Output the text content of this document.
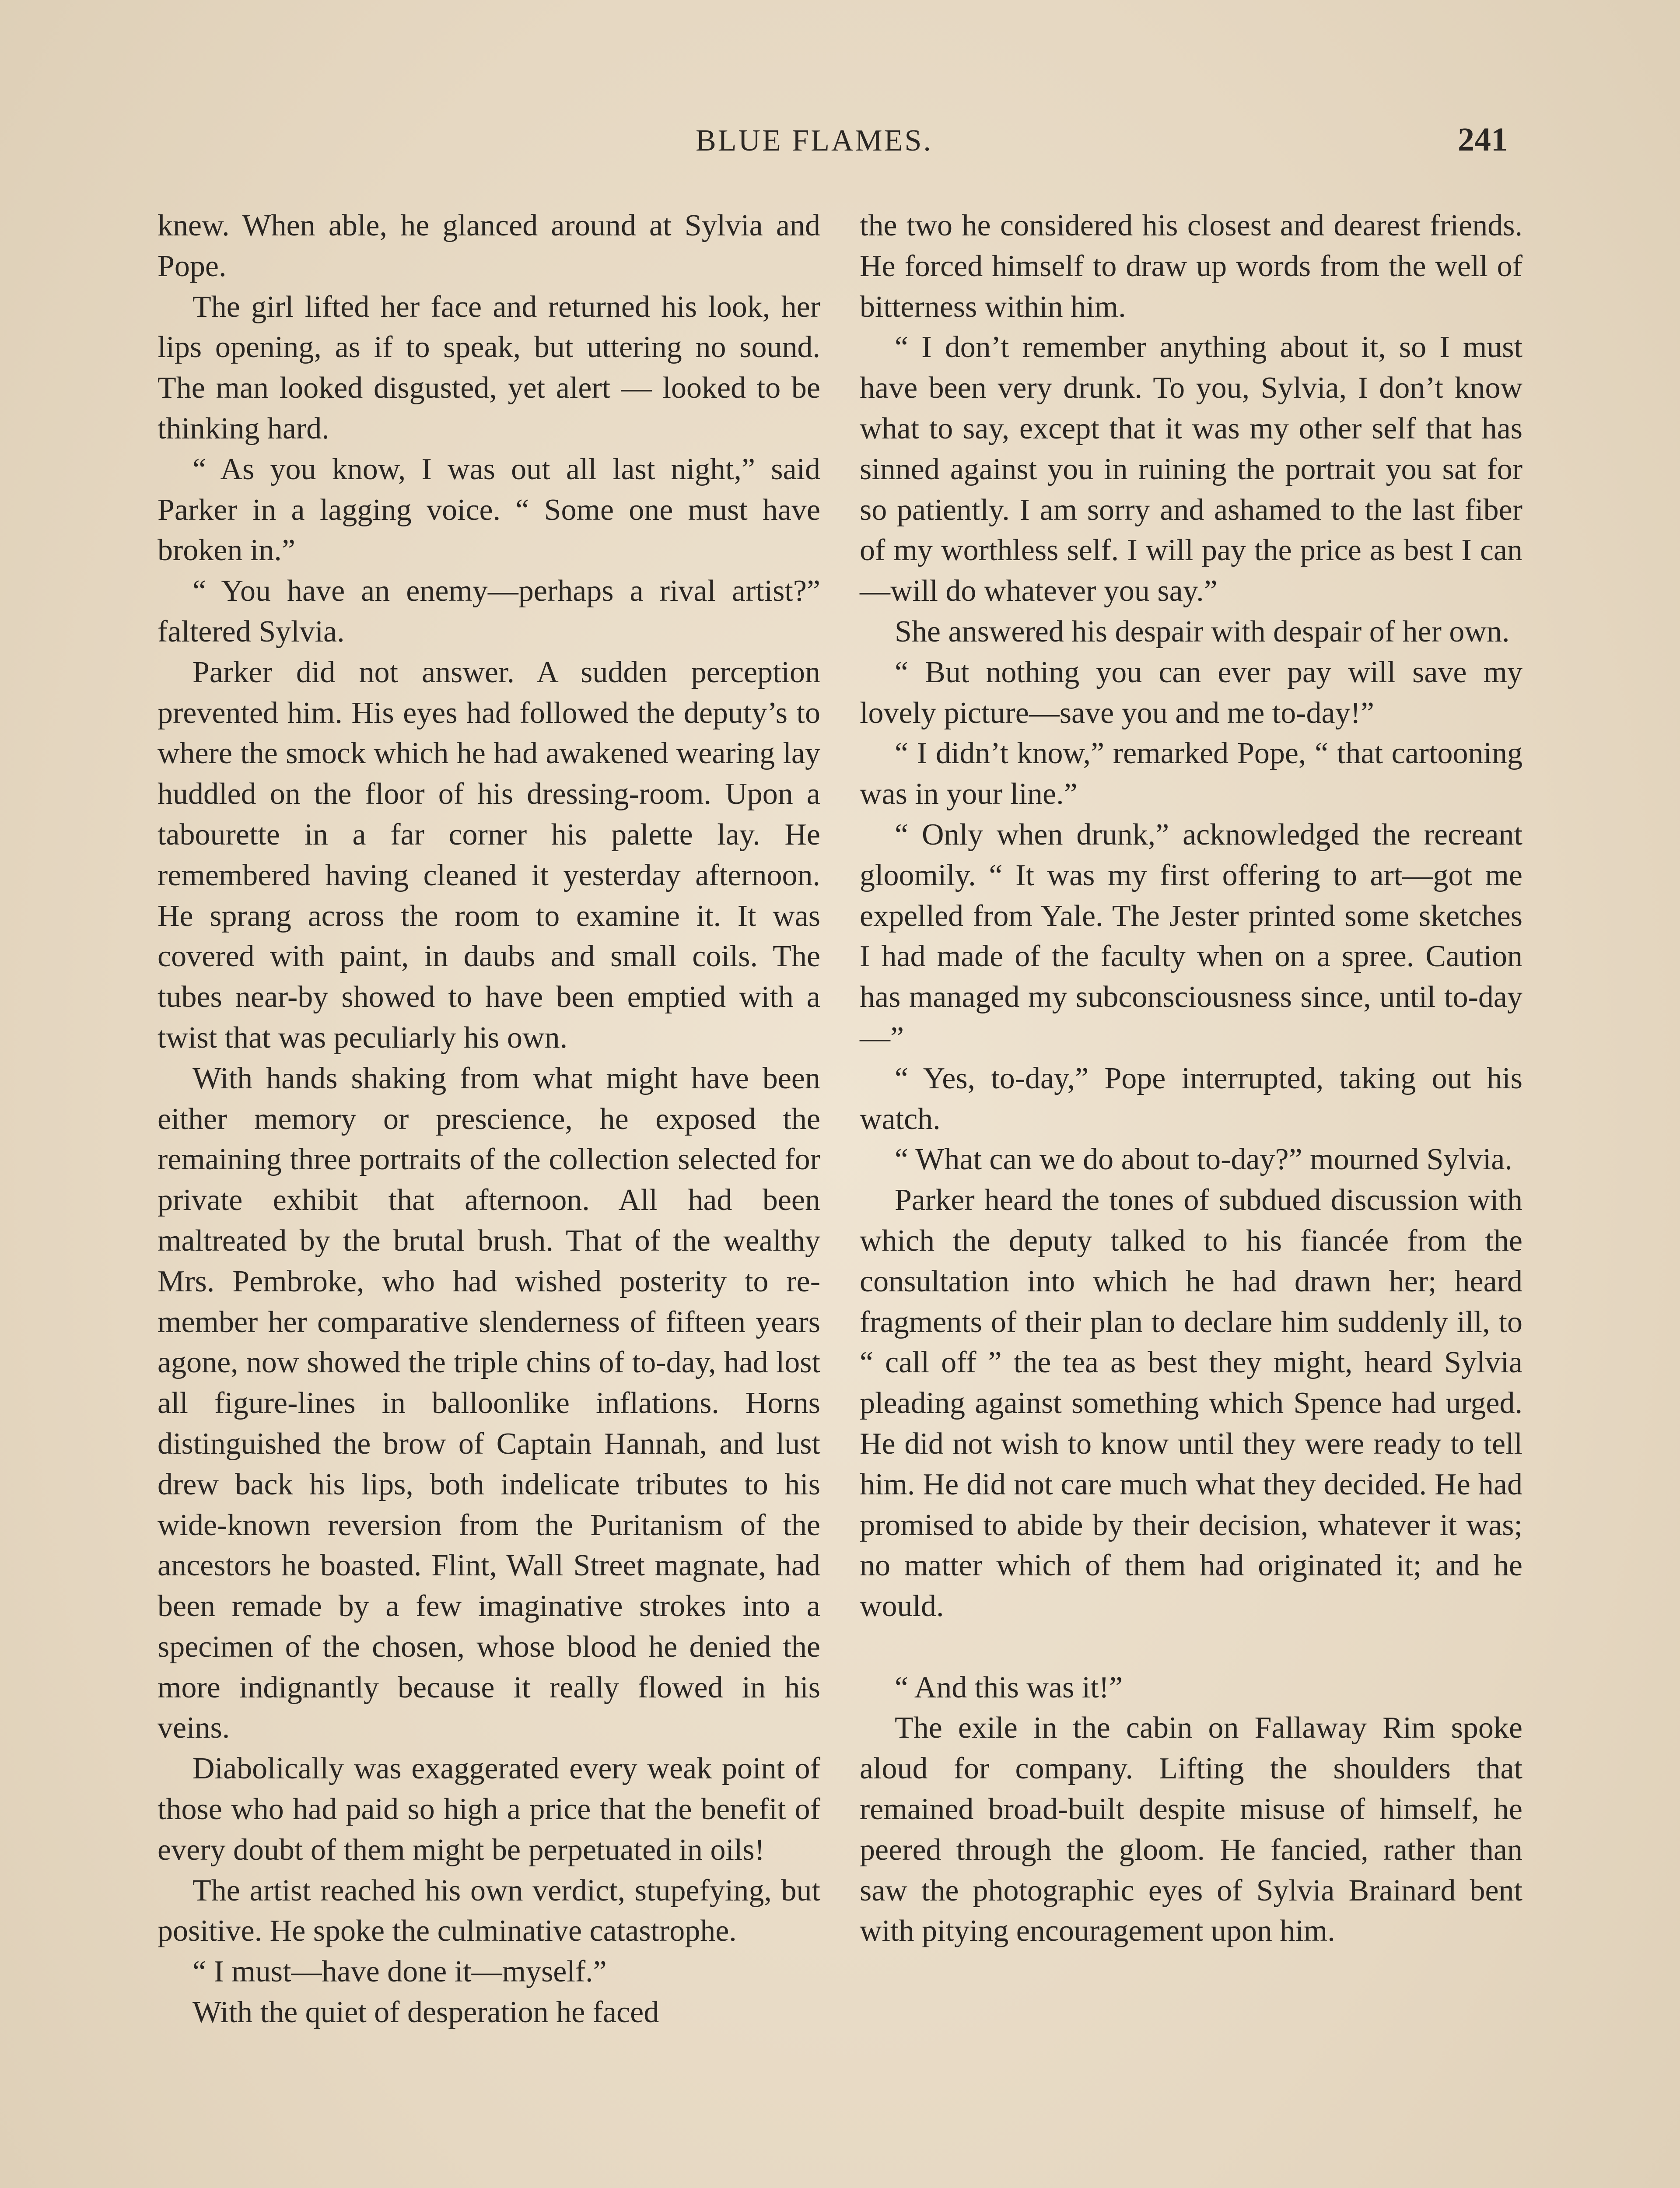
BLUE FLAMES.	241

knew. When able, he glanced around at Sylvia and Pope.

The girl lifted her face and returned his look, her lips opening, as if to speak, but uttering no sound. The man looked disgusted, yet alert — looked to be thinking hard.

“ As you know, I was out all last night,” said Parker in a lagging voice. “ Some one must have broken in.”

“ You have an enemy—perhaps a rival artist?” faltered Sylvia.

Parker did not answer. A sudden perception prevented him. His eyes had followed the deputy’s to where the smock which he had awakened wearing lay huddled on the floor of his dressing-room. Upon a tabourette in a far corner his palette lay. He remembered having cleaned it yesterday afternoon. He sprang across the room to examine it. It was covered with paint, in daubs and small coils. The tubes near-by showed to have been emptied with a twist that was peculiarly his own.

With hands shaking from what might have been either memory or prescience, he exposed the remaining three portraits of the collection selected for private exhibit that afternoon. All had been maltreated by the brutal brush. That of the wealthy Mrs. Pembroke, who had wished posterity to remember her comparative slenderness of fifteen years agone, now showed the triple chins of to-day, had lost all figure-lines in balloonlike inflations. Horns distinguished the brow of Captain Hannah, and lust drew back his lips, both indelicate tributes to his wide-known reversion from the Puritanism of the ancestors he boasted. Flint, Wall Street magnate, had been remade by a few imaginative strokes into a specimen of the chosen, whose blood he denied the more indignantly because it really flowed in his veins.

Diabolically was exaggerated every weak point of those who had paid so high a price that the benefit of every doubt of them might be perpetuated in oils!

The artist reached his own verdict, stupefying, but positive. He spoke the culminative catastrophe.

“ I must—have done it—myself.”

With the quiet of desperation he faced

the two he considered his closest and dearest friends. He forced himself to draw up words from the well of bitterness within him.

“ I don’t remember anything about it, so I must have been very drunk. To you, Sylvia, I don’t know what to say, except that it was my other self that has sinned against you in ruining the portrait you sat for so patiently. I am sorry and ashamed to the last fiber of my worthless self. I will pay the price as best I can—will do whatever you say.”

She answered his despair with despair of her own.

“ But nothing you can ever pay will save my lovely picture—save you and me to-day!”

“ I didn’t know,” remarked Pope, “ that cartooning was in your line.”

“ Only when drunk,” acknowledged the recreant gloomily. “ It was my first offering to art—got me expelled from Yale. The Jester printed some sketches I had made of the faculty when on a spree. Caution has managed my subconsciousness since, until to-day—”

“ Yes, to-day,” Pope interrupted, taking out his watch.

“ What can we do about to-day?” mourned Sylvia.

Parker heard the tones of subdued discussion with which the deputy talked to his fiancée from the consultation into which he had drawn her; heard fragments of their plan to declare him suddenly ill, to “ call off ” the tea as best they might, heard Sylvia pleading against something which Spence had urged. He did not wish to know until they were ready to tell him. He did not care much what they decided. He had promised to abide by their decision, whatever it was; no matter which of them had originated it; and he would.

“ And this was it!”

The exile in the cabin on Fallaway Rim spoke aloud for company. Lifting the shoulders that remained broad-built despite misuse of himself, he peered through the gloom. He fancied, rather than saw the photographic eyes of Sylvia Brainard bent with pitying encouragement upon him.
